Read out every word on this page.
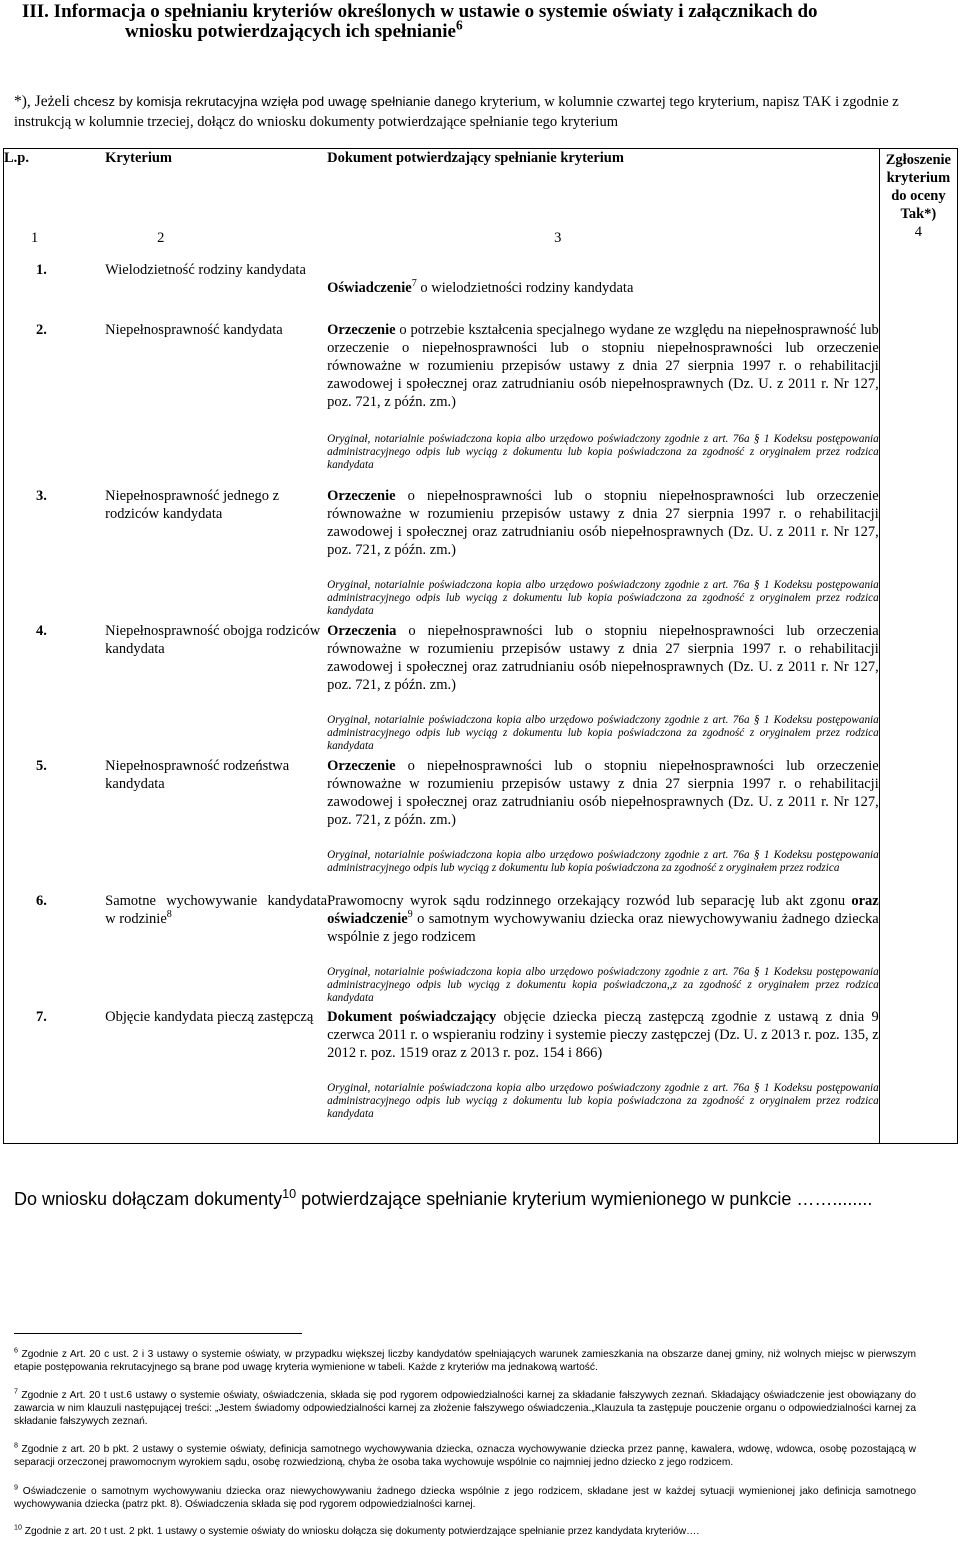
III. Informacja o spełnianiu kryteriów określonych w ustawie o systemie oświaty i załącznikach do
wniosku potwierdzających ich spełnianie$^6$
*), Jeżeli chcesz by komisja rekrutacyjna wzięła pod uwagę spełnianie danego kryterium, w kolumnie czwartej tego kryterium, napisz TAK i zgodnie z instrukcją w kolumnie trzeciej, dołącz do wniosku dokumenty potwierdzające spełnianie tego kryterium
L.p.	Kryterium	Dokument potwierdzający spełnianie kryterium	Zgłoszenie kryterium do oceny Tak*)
1	2	3	4
1.	Wielodzietność rodziny kandydata	Oświadczenie$^7$ o wielodzietności rodziny kandydata	
2.	Niepełnosprawność kandydata	Orzeczenie o potrzebie kształcenia specjalnego wydane ze względu na niepełnosprawność lub orzeczenie o niepełnosprawności lub o stopniu niepełnosprawności lub orzeczenie równoważne w rozumieniu przepisów ustawy z dnia 27 sierpnia 1997 r. o rehabilitacji zawodowej i społecznej oraz zatrudnianiu osób niepełnosprawnych (Dz. U. z 2011 r. Nr 127, poz. 721, z późn. zm.)
Oryginał, notarialnie poświadczona kopia albo urzędowo poświadczony zgodnie z art. 76a § 1 Kodeksu postępowania administracyjnego odpis lub wyciąg z dokumentu lub kopia poświadczona za zgodność z oryginałem przez rodzica kandydata	

3.	Niepełnosprawność jednego z rodziców kandydata	Orzeczenie o niepełnosprawności lub o stopniu niepełnosprawności lub orzeczenie równoważne w rozumieniu przepisów ustawy z dnia 27 sierpnia 1997 r. o rehabilitacji zawodowej i społecznej oraz zatrudnianiu osób niepełnosprawnych (Dz. U. z 2011 r. Nr 127, poz. 721, z późn. zm.)
Oryginał, notarialnie poświadczona kopia albo urzędowo poświadczony zgodnie z art. 76a § 1 Kodeksu postępowania administracyjnego odpis lub wyciąg z dokumentu lub kopia poświadczona za zgodność z oryginałem przez rodzica kandydata	

4.	Niepełnosprawność obojga rodziców kandydata	Orzeczenia o niepełnosprawności lub o stopniu niepełnosprawności lub orzeczenia równoważne w rozumieniu przepisów ustawy z dnia 27 sierpnia 1997 r. o rehabilitacji zawodowej i społecznej oraz zatrudnianiu osób niepełnosprawnych (Dz. U. z 2011 r. Nr 127, poz. 721, z późn. zm.)
Oryginał, notarialnie poświadczona kopia albo urzędowo poświadczony zgodnie z art. 76a § 1 Kodeksu postępowania administracyjnego odpis lub wyciąg z dokumentu lub kopia poświadczona za zgodność z oryginałem przez rodzica kandydata	

5.	Niepełnosprawność rodzeństwa kandydata	Orzeczenie o niepełnosprawności lub o stopniu niepełnosprawności lub orzeczenie równoważne w rozumieniu przepisów ustawy z dnia 27 sierpnia 1997 r. o rehabilitacji zawodowej i społecznej oraz zatrudnianiu osób niepełnosprawnych (Dz. U. z 2011 r. Nr 127, poz. 721, z późn. zm.)
Oryginał, notarialnie poświadczona kopia albo urzędowo poświadczony zgodnie z art. 76a § 1 Kodeksu postępowania administracyjnego odpis lub wyciąg z dokumentu lub kopia poświadczona za zgodność z oryginałem przez rodzica	

6.	Samotne wychowywanie kandydata w rodzinie$^8$	Prawomocny wyrok sądu rodzinnego orzekający rozwód lub separację lub akt zgonu oraz oświadczenie$^9$ o samotnym wychowywaniu dziecka oraz niewychowywaniu żadnego dziecka wspólnie z jego rodzicem
Oryginał, notarialnie poświadczona kopia albo urzędowo poświadczony zgodnie z art. 76a § 1 Kodeksu postępowania administracyjnego odpis lub wyciąg z dokumentu kopia poświadczona,,z za zgodność z oryginałem przez rodzica kandydata	

7.	Objęcie kandydata pieczą zastępczą	Dokument poświadczający objęcie dziecka pieczą zastępczą zgodnie z ustawą z dnia 9 czerwca 2011 r. o wspieraniu rodziny i systemie pieczy zastępczej (Dz. U. z 2013 r. poz. 135, z 2012 r. poz. 1519 oraz z 2013 r. poz. 154 i 866)
Oryginał, notarialnie poświadczona kopia albo urzędowo poświadczony zgodnie z art. 76a § 1 Kodeksu postępowania administracyjnego odpis lub wyciąg z dokumentu lub kopia poświadczona za zgodność z oryginałem przez rodzica kandydata	

Do wniosku dołączam dokumenty$^{10}$ potwierdzające spełnianie kryterium wymienionego w punkcie ……........
$^6$ Zgodnie z Art. 20 c ust. 2 i 3 ustawy o systemie oświaty, w przypadku większej liczby kandydatów spełniających warunek zamieszkania na obszarze danej gminy, niż wolnych miejsc w pierwszym etapie postępowania rekrutacyjnego są brane pod uwagę kryteria wymienione w tabeli. Każde z kryteriów ma jednakową wartość.
$^7$ Zgodnie z Art. 20 t ust.6 ustawy o systemie oświaty, oświadczenia, składa się pod rygorem odpowiedzialności karnej za składanie fałszywych zeznań. Składający oświadczenie jest obowiązany do zawarcia w nim klauzuli następującej treści: „Jestem świadomy odpowiedzialności karnej za złożenie fałszywego oświadczenia.„Klauzula ta zastępuje pouczenie organu o odpowiedzialności karnej za składanie fałszywych zeznań.
$^8$ Zgodnie z art. 20 b pkt. 2 ustawy o systemie oświaty, definicja samotnego wychowywania dziecka, oznacza wychowywanie dziecka przez pannę, kawalera, wdowę, wdowca, osobę pozostającą w separacji orzeczonej prawomocnym wyrokiem sądu, osobę rozwiedzioną, chyba że osoba taka wychowuje wspólnie co najmniej jedno dziecko z jego rodzicem.
$^9$ Oświadczenie o samotnym wychowywaniu dziecka oraz niewychowywaniu żadnego dziecka wspólnie z jego rodzicem, składane jest w każdej sytuacji wymienionej jako definicja samotnego wychowywania dziecka (patrz pkt. 8). Oświadczenia składa się pod rygorem odpowiedzialności karnej.
$^{10}$ Zgodnie z art. 20 t ust. 2 pkt. 1 ustawy o systemie oświaty do wniosku dołącza się dokumenty potwierdzające spełnianie przez kandydata kryteriów….
